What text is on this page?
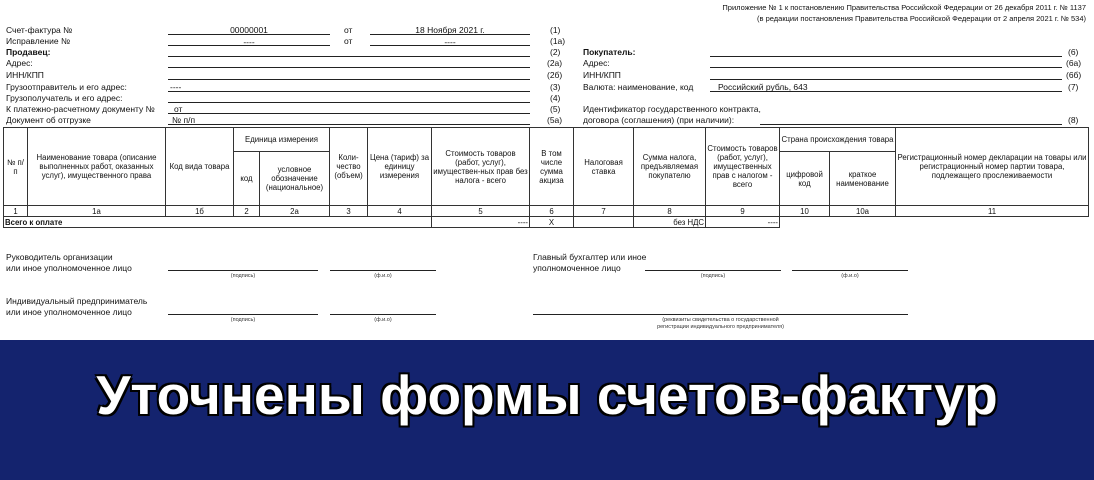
Приложение № 1 к постановлению Правительства Российской Федерации от 26 декабря 2011 г. № 1137
(в редакции постановления Правительства Российской Федерации от 2 апреля 2021 г. № 534)
Счет-фактура №	00000001	от	18 Ноября 2021 г.	(1)
Исправление №	----	от	----	(1а)
Продавец:	(2)
Адрес:	(2а)
ИНН/КПП	(2б)
Грузоотправитель и его адрес:	----	(3)
Грузополучатель и его адрес:	(4)
К платежно-расчетному документу № от	(5)
Документ об отгрузке	№ п/п	(5а)
Покупатель:	(6)
Адрес:	(6а)
ИНН/КПП	(6б)
Валюта: наименование, код	Российский рубль, 643	(7)
Идентификатор государственного контракта,
договора (соглашения) (при наличии):	(8)
№ п/п	Наименование товара (описание выполненных работ, оказанных услуг), имущественного права	Код вида товара	Единица измерения		Коли-чество (объем)	Цена (тариф) за единицу измерения	Стоимость товаров (работ, услуг), имуществен-ных прав без налога - всего	В том числе сумма акциза	Налоговая ставка	Сумма налога, предъявляемая покупателю	Стоимость товаров (работ, услуг), имущественных прав с налогом - всего	Страна происхождения товара		Регистрационный номер декларации на товары или регистрационный номер партии товара, подлежащего прослеживаемости
			код	условное обозначение (национальное)								цифровой код	краткое наименование	
1	1а	1б	2	2а	3	4	5	6	7	8	9	10	10а	11
Всего к оплате							----	Х		без НДС	----			
Руководитель организации
или иное уполномоченное лицо
(подпись)	(ф.и.о)
Главный бухгалтер или иное
уполномоченное лицо
(подпись)	(ф.и.о)
Индивидуальный предприниматель
или иное уполномоченное лицо
(подпись)	(ф.и.о)	(реквизиты свидетельства о государственной
регистрации индивидуального предпринимателя)
Уточнены формы счетов-фактур
